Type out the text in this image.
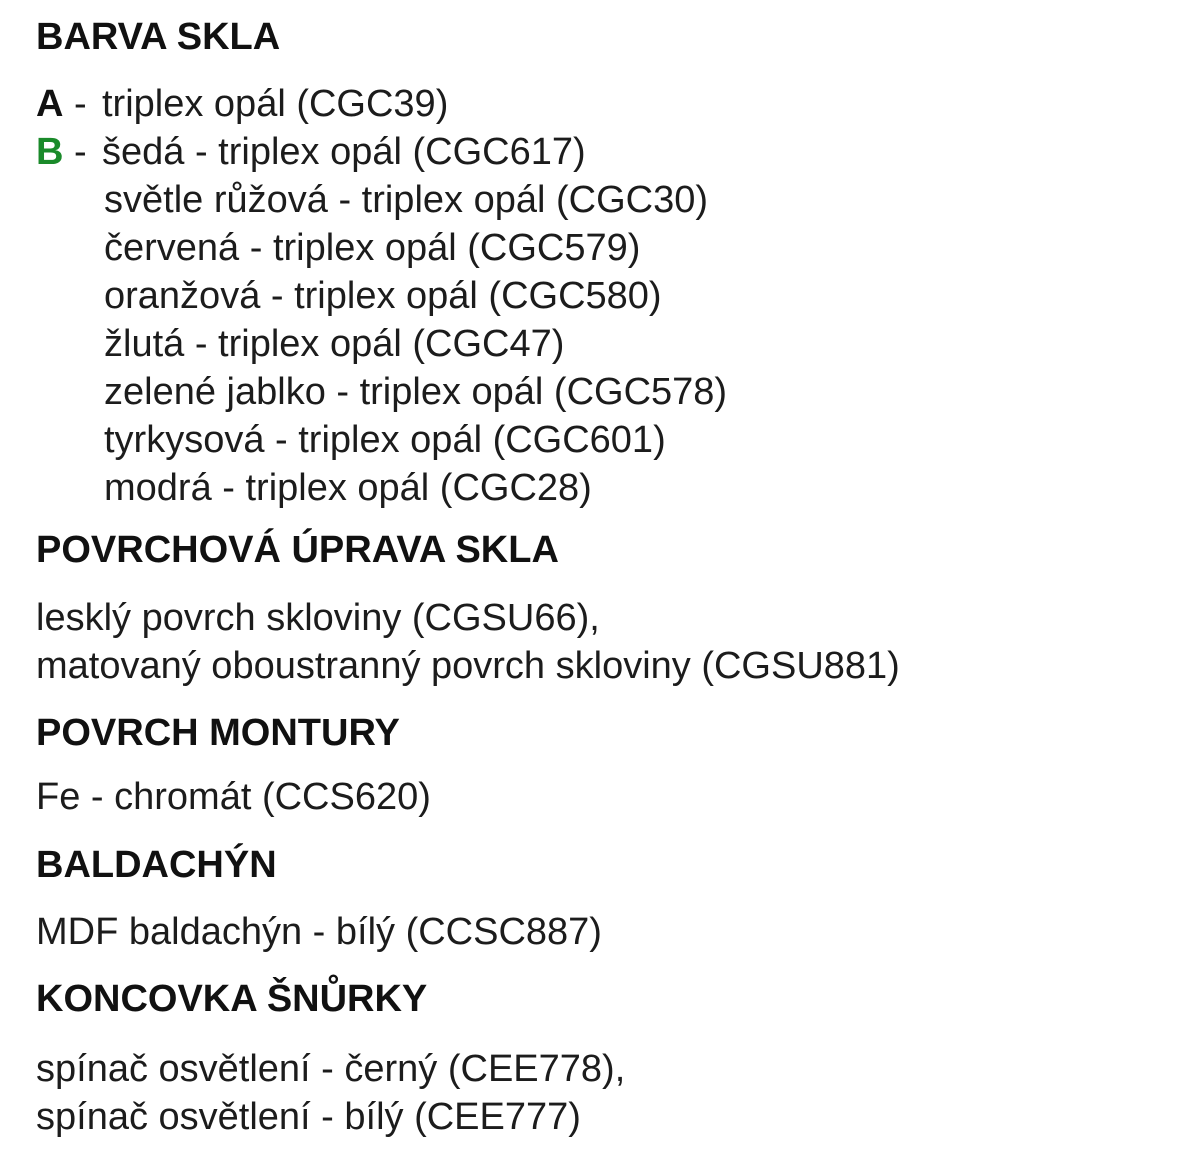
BARVA SKLA
A - triplex opál (CGC39)
B - šedá - triplex opál (CGC617)
světle růžová - triplex opál (CGC30)
červená - triplex opál (CGC579)
oranžová - triplex opál (CGC580)
žlutá - triplex opál (CGC47)
zelené jablko - triplex opál (CGC578)
tyrkysová - triplex opál (CGC601)
modrá - triplex opál (CGC28)
POVRCHOVÁ ÚPRAVA SKLA
lesklý povrch skloviny (CGSU66),
matovaný oboustranný povrch skloviny (CGSU881)
POVRCH MONTURY
Fe - chromát (CCS620)
BALDACHÝN
MDF baldachýn - bílý (CCSC887)
KONCOVKA ŠNŮRKY
spínač osvětlení - černý (CEE778),
spínač osvětlení - bílý (CEE777)
